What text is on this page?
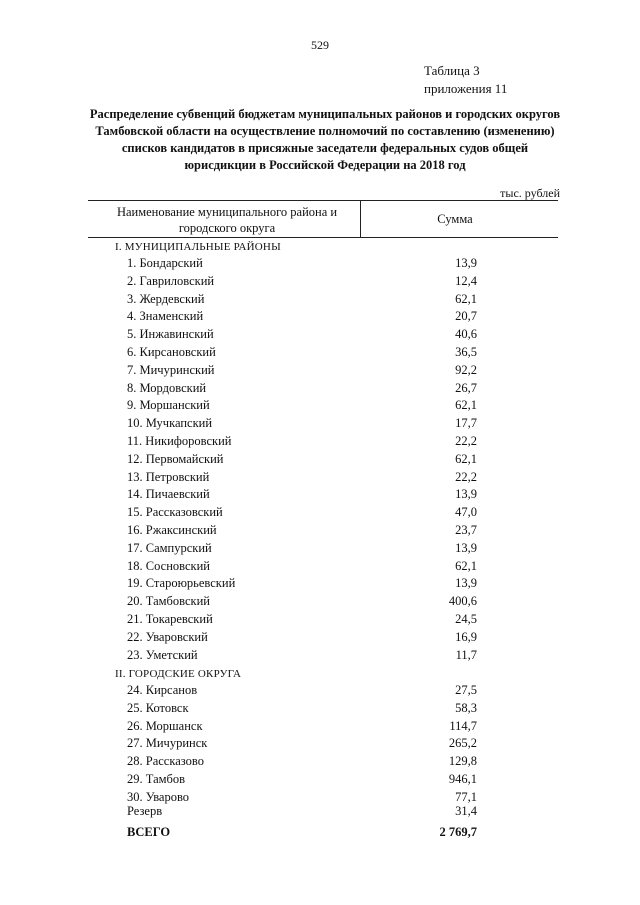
529
Таблица 3
приложения 11
Распределение субвенций бюджетам муниципальных районов и городских округов Тамбовской области на осуществление полномочий по составлению (изменению) списков кандидатов в присяжные заседатели федеральных судов общей юрисдикции в Российской Федерации на 2018 год
тыс. рублей
Наименование муниципального района и городского округа
Сумма
I. МУНИЦИПАЛЬНЫЕ РАЙОНЫ
1. Бондарский	13,9
2. Гавриловский	12,4
3. Жердевский	62,1
4. Знаменский	20,7
5. Инжавинский	40,6
6. Кирсановский	36,5
7. Мичуринский	92,2
8. Мордовский	26,7
9. Моршанский	62,1
10. Мучкапский	17,7
11. Никифоровский	22,2
12. Первомайский	62,1
13. Петровский	22,2
14. Пичаевский	13,9
15. Рассказовский	47,0
16. Ржаксинский	23,7
17. Сампурский	13,9
18. Сосновский	62,1
19. Староюрьевский	13,9
20. Тамбовский	400,6
21. Токаревский	24,5
22. Уваровский	16,9
23. Уметский	11,7
II. ГОРОДСКИЕ ОКРУГА
24. Кирсанов	27,5
25. Котовск	58,3
26. Моршанск	114,7
27. Мичуринск	265,2
28. Рассказово	129,8
29. Тамбов	946,1
30. Уварово	77,1
Резерв	31,4
ВСЕГО	2 769,7
